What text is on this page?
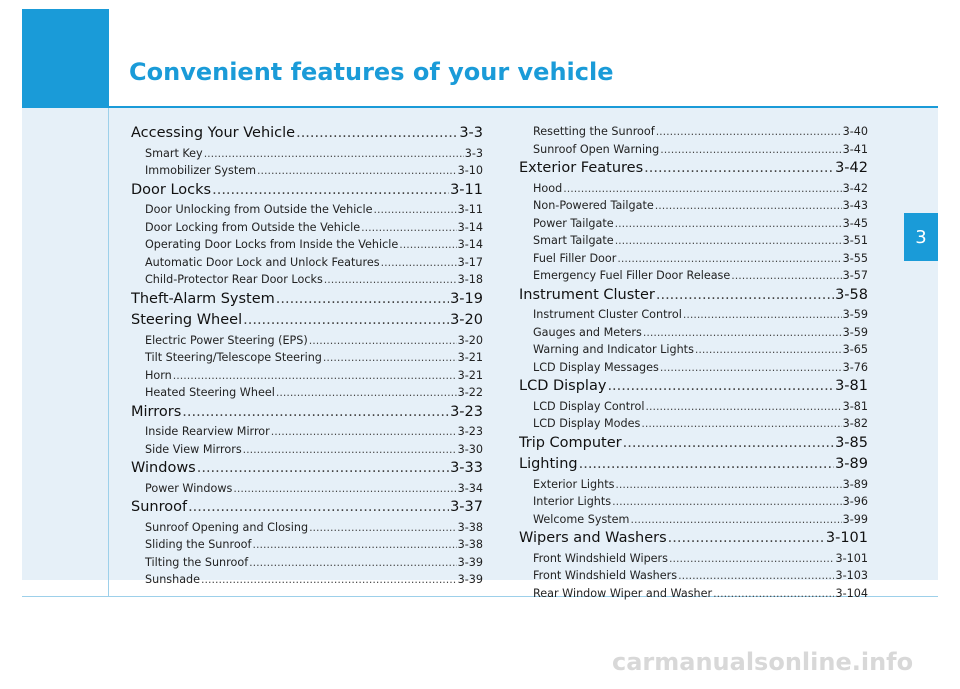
Convenient features of your vehicle
3
Accessing Your Vehicle .....	3-3
Smart Key .....	3-3
Immobilizer System .....	3-10
Door Locks .....	3-11
Door Unlocking from Outside the Vehicle .....	3-11
Door Locking from Outside the Vehicle .....	3-14
Operating Door Locks from Inside the Vehicle .....	3-14
Automatic Door Lock and Unlock Features .....	3-17
Child-Protector Rear Door Locks .....	3-18
Theft-Alarm System .....	3-19
Steering Wheel .....	3-20
Electric Power Steering (EPS) .....	3-20
Tilt Steering/Telescope Steering .....	3-21
Horn .....	3-21
Heated Steering Wheel .....	3-22
Mirrors .....	3-23
Inside Rearview Mirror .....	3-23
Side View Mirrors .....	3-30
Windows .....	3-33
Power Windows .....	3-34
Sunroof .....	3-37
Sunroof Opening and Closing .....	3-38
Sliding the Sunroof .....	3-38
Tilting the Sunroof .....	3-39
Sunshade .....	3-39
Resetting the Sunroof .....	3-40
Sunroof Open Warning .....	3-41
Exterior Features .....	3-42
Hood .....	3-42
Non-Powered Tailgate .....	3-43
Power Tailgate .....	3-45
Smart Tailgate .....	3-51
Fuel Filler Door .....	3-55
Emergency Fuel Filler Door Release .....	3-57
Instrument Cluster .....	3-58
Instrument Cluster Control .....	3-59
Gauges and Meters .....	3-59
Warning and Indicator Lights .....	3-65
LCD Display Messages .....	3-76
LCD Display .....	3-81
LCD Display Control .....	3-81
LCD Display Modes .....	3-82
Trip Computer .....	3-85
Lighting .....	3-89
Exterior Lights .....	3-89
Interior Lights .....	3-96
Welcome System .....	3-99
Wipers and Washers .....	3-101
Front Windshield Wipers .....	3-101
Front Windshield Washers .....	3-103
Rear Window Wiper and Washer .....	3-104
carmanualsonline.info
